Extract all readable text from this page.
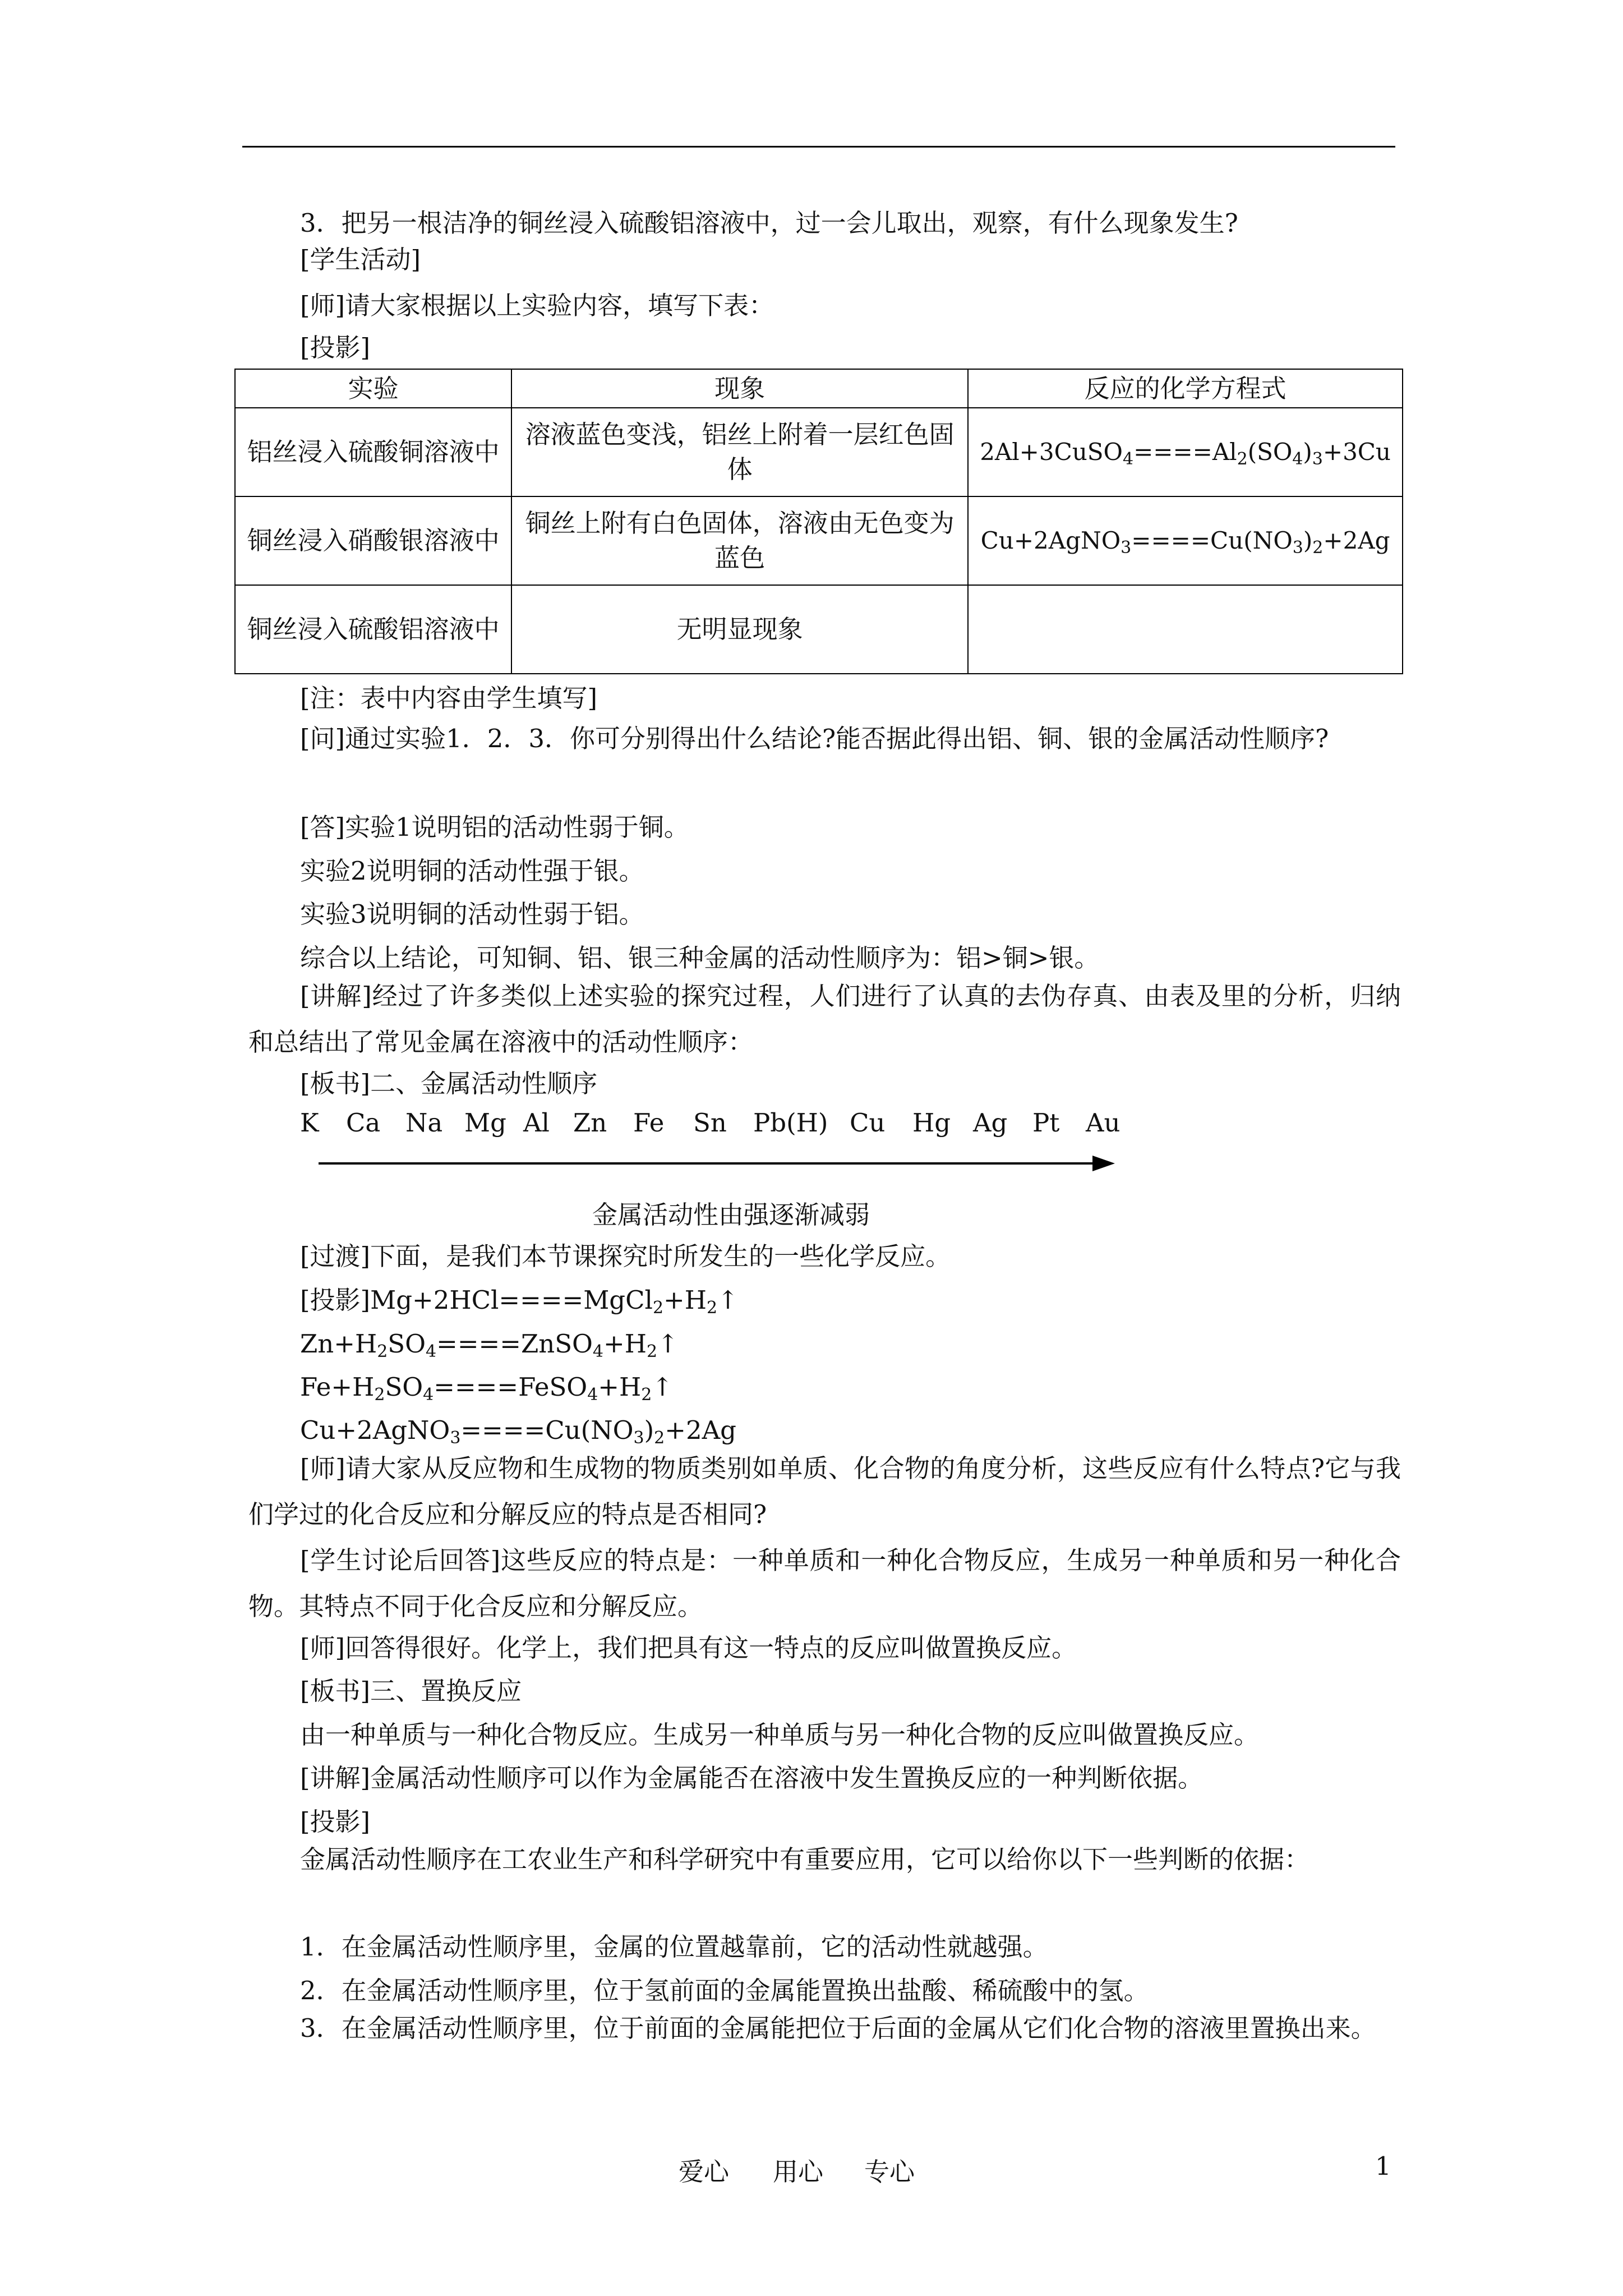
3．把另一根洁净的铜丝浸入硫酸铝溶液中，过一会儿取出，观察，有什么现象发生?
[学生活动]
[师]请大家根据以上实验内容，填写下表：
[投影]
实验	现象	反应的化学方程式
铝丝浸入硫酸铜溶液中	溶液蓝色变浅，铝丝上附着一层红色固体	$2Al+3CuSO_4====Al_2(SO_4)_3+3Cu$
铜丝浸入硝酸银溶液中	铜丝上附有白色固体，溶液由无色变为蓝色	$Cu+2AgNO_3====Cu(NO_3)_2+2Ag$
铜丝浸入硫酸铝溶液中	无明显现象	
[注：表中内容由学生填写]
[问]通过实验1．2．3．你可分别得出什么结论?能否据此得出铝、铜、银的金属活动性顺序?
[答]实验1说明铝的活动性弱于铜。
实验2说明铜的活动性强于银。
实验3说明铜的活动性弱于铝。
综合以上结论，可知铜、铝、银三种金属的活动性顺序为：铝>铜>银。
[讲解]经过了许多类似上述实验的探究过程，人们进行了认真的去伪存真、由表及里的分析，归纳和总结出了常见金属在溶液中的活动性顺序：
[板书]二、金属活动性顺序
K Ca Na Mg Al Zn Fe Sn Pb(H) Cu Hg Ag Pt Au
金属活动性由强逐渐减弱
[过渡]下面，是我们本节课探究时所发生的一些化学反应。
[投影]$Mg+2HCl====MgCl_2+H_2↑$
$Zn+H_2SO_4====ZnSO_4+H_2↑$
$Fe+H_2SO_4====FeSO_4+H_2↑$
$Cu+2AgNO_3====Cu(NO_3)_2+2Ag$
[师]请大家从反应物和生成物的物质类别如单质、化合物的角度分析，这些反应有什么特点?它与我们学过的化合反应和分解反应的特点是否相同?
[学生讨论后回答]这些反应的特点是：一种单质和一种化合物反应，生成另一种单质和另一种化合物。其特点不同于化合反应和分解反应。
[师]回答得很好。化学上，我们把具有这一特点的反应叫做置换反应。
[板书]三、置换反应
由一种单质与一种化合物反应。生成另一种单质与另一种化合物的反应叫做置换反应。
[讲解]金属活动性顺序可以作为金属能否在溶液中发生置换反应的一种判断依据。
[投影]
金属活动性顺序在工农业生产和科学研究中有重要应用，它可以给你以下一些判断的依据：
1．在金属活动性顺序里，金属的位置越靠前，它的活动性就越强。
2．在金属活动性顺序里，位于氢前面的金属能置换出盐酸、稀硫酸中的氢。
3．在金属活动性顺序里，位于前面的金属能把位于后面的金属从它们化合物的溶液里置换出来。
爱心 用心 专心	1
